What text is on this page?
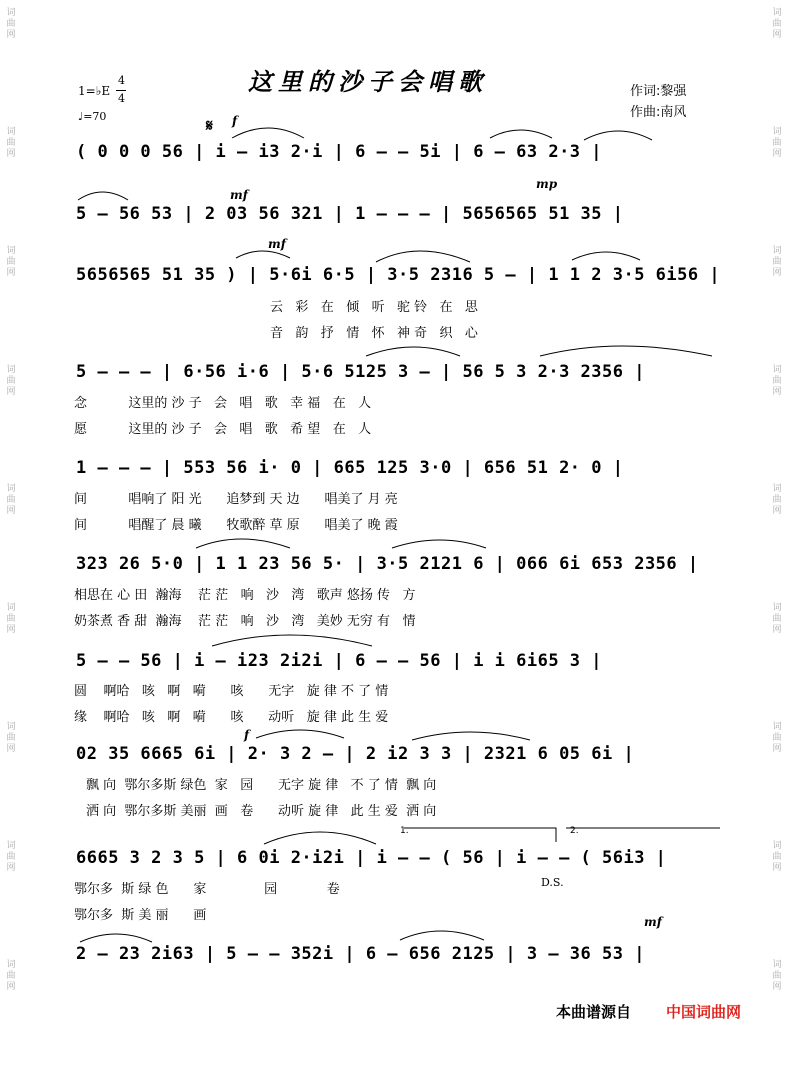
词
曲
网
词
曲
网
词
曲
网
词
曲
网
词
曲
网
词
曲
网
词
曲
网
词
曲
网
词
曲
网
词
曲
网
词
曲
网
词
曲
网
词
曲
网
词
曲
网
词
曲
网
词
曲
网
词
曲
网
词
曲
网
这里的沙子会唱歌	作词:黎强
作曲:南风
1=♭E
4
4
♩=70	𝄋 f
mf
mp
mf
f
mf
( 0 0 0 56 | i – i3 2·i | 6 – – 5i | 6 – 63 2·3 |
5 – 56 53 | 2 03 56 321 | 1 – – – | 5656565 51 35 |
5656565 51 35 ) | 5·6i 6·5 | 3·5 2316 5 – | 1 1 2 3·5 6i56 |
云   彩   在   倾   听   驼 铃   在   思
音   韵   抒   情   怀   神 奇   织   心
5 – – – | 6·56 i·6 | 5·6 5125 3 – | 56 5 3 2·3 2356 |
念          这里的 沙 子   会   唱   歌   幸 福   在   人
愿          这里的 沙 子   会   唱   歌   希 望   在   人
1 – – – | 553 56 i· 0 | 665 125 3·0 | 656 51 2· 0 |
间          唱响了 阳 光      追梦到 天 边      唱美了 月 亮
间          唱醒了 晨 曦      牧歌醉 草 原      唱美了 晚 霞
323 26 5·0 | 1 1 23 56 5· | 3·5 2121 6 | 066 6i 653 2356 |
相思在 心 田  瀚海    茫 茫   响   沙   湾   歌声 悠扬 传   方
奶茶煮 香 甜  瀚海    茫 茫   响   沙   湾   美妙 无穷 有   情
5 – – 56 | i – i23 2i2i | 6 – – 56 | i i 6i65 3 |
圆    啊哈   咳   啊   嗬      咳      无字   旋 律 不 了 情
缘    啊哈   咳   啊   嗬      咳      动听   旋 律 此 生 爱
02 35 6665 6i | 2· 3 2 – | 2 i2 3 3 | 2321 6 05 6i |
飘 向  鄂尔多斯 绿色  家   园      无字 旋 律   不 了 情  飘 向
洒 向  鄂尔多斯 美丽  画   卷      动听 旋 律   此 生 爱  洒 向
1.	2.
6665 3 2 3 5 | 6 0i 2·i2i | i – – ( 56 | i – – ( 56i3 |
鄂尔多  斯 绿 色      家              园            卷
鄂尔多  斯 美 丽      画
D.S.
2 – 23 2i63 | 5 – – 352i | 6 – 656 2125 | 3 – 36 53 |
本曲谱源自 中国词曲网
